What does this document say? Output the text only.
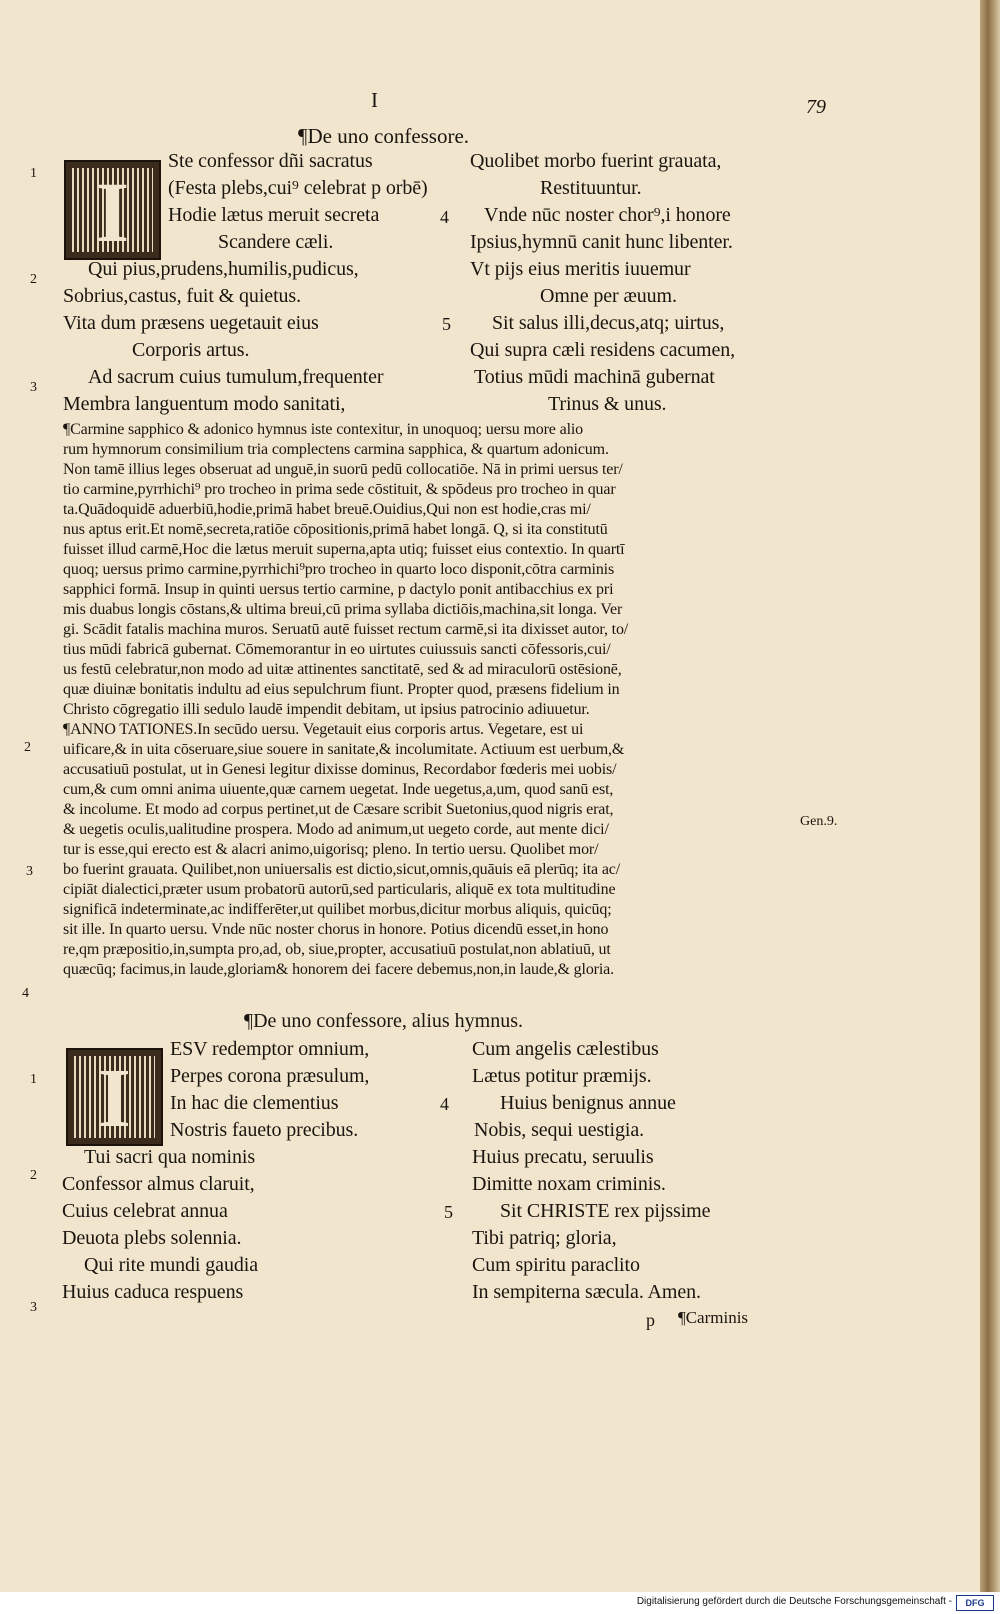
I	79
¶De uno confessore.
I
Ste confessor dñi sacratus
(Festa plebs,cui⁹ celebrat p orbē)
Hodie lætus meruit secreta
Scandere cæli.
Qui pius,prudens,humilis,pudicus,
Sobrius,castus, fuit & quietus.
Vita dum præsens uegetauit eius
Corporis artus.
Ad sacrum cuius tumulum,frequenter
Membra languentum modo sanitati,
Quolibet morbo fuerint grauata,
Restituuntur.
Vnde nūc noster chor⁹,i honore
Ipsius,hymnū canit hunc libenter.
Vt pijs eius meritis iuuemur
Omne per æuum.
Sit salus illi,decus,atq; uirtus,
Qui supra cæli residens cacumen,
Totius mūdi machinā gubernat
Trinus & unus.
¶Carmine sapphico & adonico hymnus iste contexitur, in unoquoq; uersu more alio
rum hymnorum consimilium tria complectens carmina sapphica, & quartum adonicum.
Non tamē illius leges obseruat ad unguē,in suorū pedū collocatiōe. Nā in primi uersus ter/
tio carmine,pyrrhichi⁹ pro trocheo in prima sede cōstituit, & spōdeus pro trocheo in quar
ta.Quādoquidē aduerbiū,hodie,primā habet breuē.Ouidius,Qui non est hodie,cras mi/
nus aptus erit.Et nomē,secreta,ratiōe cōpositionis,primā habet longā. Q, si ita constitutū
fuisset illud carmē,Hoc die lætus meruit superna,apta utiq; fuisset eius contextio. In quartī
quoq; uersus primo carmine,pyrrhichi⁹pro trocheo in quarto loco disponit,cōtra carminis
sapphici formā. Insup in quinti uersus tertio carmine, p dactylo ponit antibacchius ex pri
mis duabus longis cōstans,& ultima breui,cū prima syllaba dictiōis,machina,sit longa. Ver
gi. Scādit fatalis machina muros. Seruatū autē fuisset rectum carmē,si ita dixisset autor, to/
tius mūdi fabricā gubernat. Cōmemorantur in eo uirtutes cuiussuis sancti cōfessoris,cui/
us festū celebratur,non modo ad uitæ attinentes sanctitatē, sed & ad miraculorū ostēsionē,
quæ diuinæ bonitatis indultu ad eius sepulchrum fiunt. Propter quod, præsens fidelium in
Christo cōgregatio illi sedulo laudē impendit debitam, ut ipsius patrocinio adiuuetur.
¶ANNO TATIONES.In secūdo uersu. Vegetauit eius corporis artus. Vegetare, est ui
uificare,& in uita cōseruare,siue souere in sanitate,& incolumitate. Actiuum est uerbum,&
accusatiuū postulat, ut in Genesi legitur dixisse dominus, Recordabor fœderis mei uobis/
cum,& cum omni anima uiuente,quæ carnem uegetat. Inde uegetus,a,um, quod sanū est,
& incolume. Et modo ad corpus pertinet,ut de Cæsare scribit Suetonius,quod nigris erat,
& uegetis oculis,ualitudine prospera. Modo ad animum,ut uegeto corde, aut mente dici/
tur is esse,qui erecto est & alacri animo,uigorisq; pleno. In tertio uersu. Quolibet mor/
bo fuerint grauata. Quilibet,non uniuersalis est dictio,sicut,omnis,quāuis eā plerūq; ita ac/
cipiāt dialectici,præter usum probatorū autorū,sed particularis, aliquē ex tota multitudine
significā indeterminate,ac indifferēter,ut quilibet morbus,dicitur morbus aliquis, quicūq;
sit ille. In quarto uersu. Vnde nūc noster chorus in honore. Potius dicendū esset,in hono
re,qm præpositio,in,sumpta pro,ad, ob, siue,propter, accusatiuū postulat,non ablatiuū, ut
quæcūq; facimus,in laude,gloriam& honorem dei facere debemus,non,in laude,& gloria.
¶De uno confessore, alius hymnus.
I
ESV redemptor omnium,
Perpes corona præsulum,
In hac die clementius
Nostris faueto precibus.
Tui sacri qua nominis
Confessor almus claruit,
Cuius celebrat annua
Deuota plebs solennia.
Qui rite mundi gaudia
Huius caduca respuens
Cum angelis cælestibus
Lætus potitur præmijs.
Huius benignus annue
Nobis, sequi uestigia.
Huius precatu, seruulis
Dimitte noxam criminis.
Sit CHRISTE rex pijssime
Tibi patriq; gloria,
Cum spiritu paraclito
In sempiterna sæcula. Amen.
p ¶Carminis
1
2
3
2
3
4
1
2
3
4
5
4
5
Gen.9.
Digitalisierung gefördert durch die Deutsche Forschungsgemeinschaft -	DFG
